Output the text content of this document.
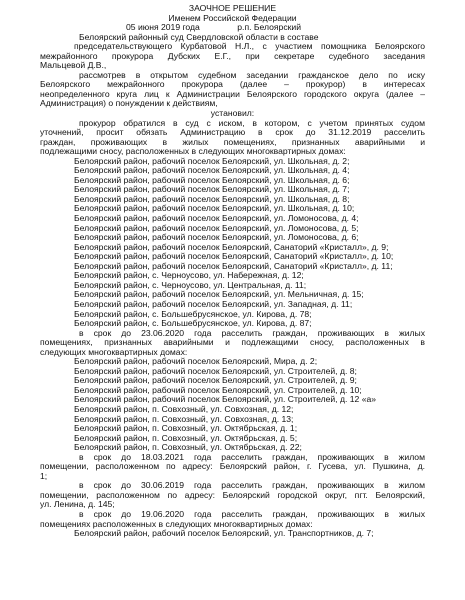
ЗАОЧНОЕ РЕШЕНИЕ
Именем Российской Федерации
05 июня 2019 года	р.п. Белоярский
Белоярский районный суд Свердловской области в составе
председательствующего Курбатовой Н.Л., с участием помощника Белоярского
межрайонного прокурора Дубских Е.Г., при секретаре судебного заседания
Мальцевой Д.В.,
рассмотрев в открытом судебном заседании гражданское дело по иску
Белоярского межрайонного прокурора (далее – прокурор) в интересах
неопределенного круга лиц к Администрации Белоярского городского округа (далее –
Администрация) о понуждении к действиям,
установил:
прокурор обратился в суд с иском, в котором, с учетом принятых судом
уточнений, просит обязать Администрацию в срок до 31.12.2019 расселить
граждан, проживающих в жилых помещениях, признанных аварийными и
подлежащими сносу, расположенных в следующих многоквартирных домах:
Белоярский район, рабочий поселок Белоярский, ул. Школьная, д. 2;
Белоярский район, рабочий поселок Белоярский, ул. Школьная, д. 4;
Белоярский район, рабочий поселок Белоярский, ул. Школьная, д. 6;
Белоярский район, рабочий поселок Белоярский, ул. Школьная, д. 7;
Белоярский район, рабочий поселок Белоярский, ул. Школьная, д. 8;
Белоярский район, рабочий поселок Белоярский, ул. Школьная, д. 10;
Белоярский район, рабочий поселок Белоярский, ул. Ломоносова, д. 4;
Белоярский район, рабочий поселок Белоярский, ул. Ломоносова, д. 5;
Белоярский район, рабочий поселок Белоярский, ул. Ломоносова, д. 6;
Белоярский район, рабочий поселок Белоярский, Санаторий «Кристалл», д. 9;
Белоярский район, рабочий поселок Белоярский, Санаторий «Кристалл», д. 10;
Белоярский район, рабочий поселок Белоярский, Санаторий «Кристалл», д. 11;
Белоярский район, с. Черноусово, ул. Набережная, д. 12;
Белоярский район, с. Черноусово, ул. Центральная, д. 11;
Белоярский район, рабочий поселок Белоярский, ул. Мельничная, д. 15;
Белоярский район, рабочий поселок Белоярский, ул. Западная, д. 11;
Белоярский район, с. Большебрусянское, ул. Кирова, д. 78;
Белоярский район, с. Большебрусянское, ул. Кирова, д. 87;
в срок до 23.06.2020 года расселить граждан, проживающих в жилых
помещениях, признанных аварийными и подлежащими сносу, расположенных в
следующих многоквартирных домах:
Белоярский район, рабочий поселок Белоярский, Мира, д. 2;
Белоярский район, рабочий поселок Белоярский, ул. Строителей, д. 8;
Белоярский район, рабочий поселок Белоярский, ул. Строителей, д. 9;
Белоярский район, рабочий поселок Белоярский, ул. Строителей, д. 10;
Белоярский район, рабочий поселок Белоярский, ул. Строителей, д. 12 «а»
Белоярский район, п. Совхозный, ул. Совхозная, д. 12;
Белоярский район, п. Совхозный, ул. Совхозная, д. 13;
Белоярский район, п. Совхозный, ул. Октябрьская, д. 1;
Белоярский район, п. Совхозный, ул. Октябрьская, д. 5;
Белоярский район, п. Совхозный, ул. Октябрьская, д. 22;
в срок до 18.03.2021 года расселить граждан, проживающих в жилом
помещении, расположенном по адресу: Белоярский район, г. Гусева, ул. Пушкина, д.
1;
в срок до 30.06.2019 года расселить граждан, проживающих в жилом
помещении, расположенном по адресу: Белоярский городской округ, пгт. Белоярский,
ул. Ленина, д. 145;
в срок до 19.06.2020 года расселить граждан, проживающих в жилых
помещениях расположенных в следующих многоквартирных домах:
Белоярский район, рабочий поселок Белоярский, ул. Транспортников, д. 7;
